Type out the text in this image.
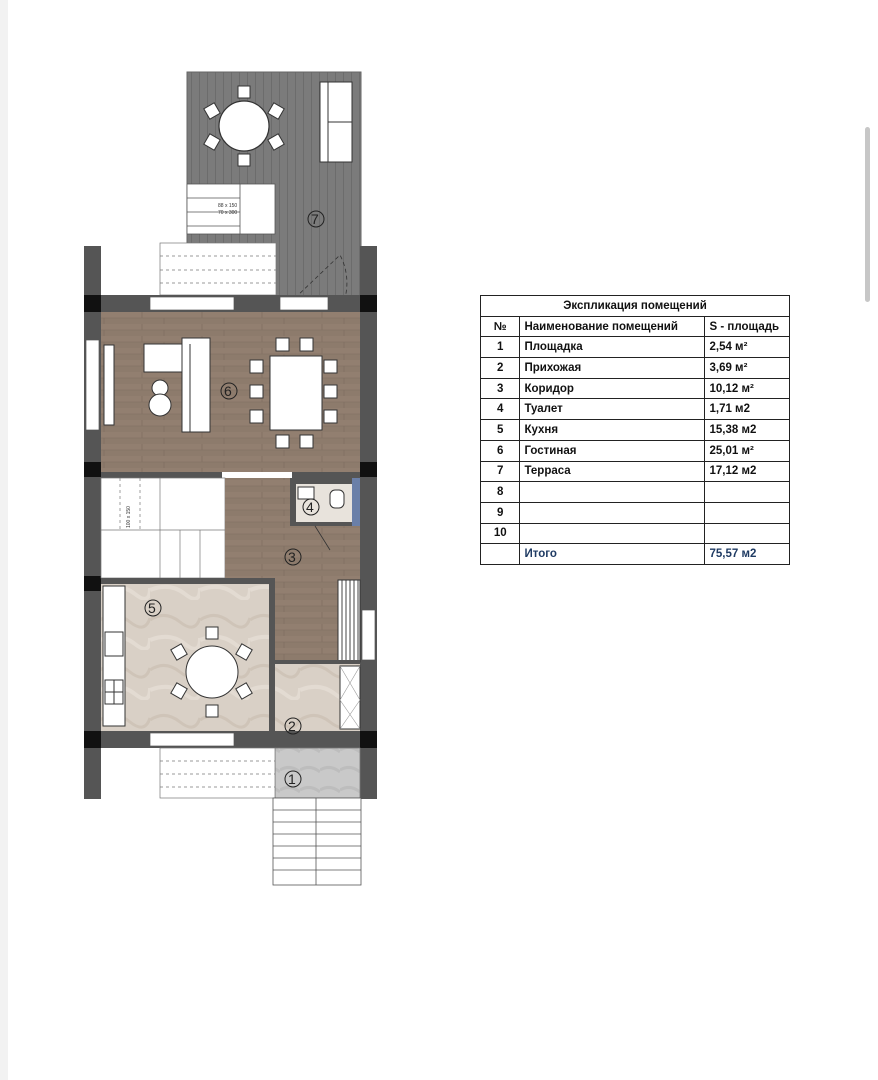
88 x 150
70 x 300	7
6
100 x 150
3
4
5
2
1
Экспликация помещений		
№	Наименование помещений	S - площадь
1	Площадка	2,54 м²
2	Прихожая	3,69 м²
3	Коридор	10,12 м²
4	Туалет	1,71 м2
5	Кухня	15,38 м2
6	Гостиная	25,01 м²
7	Терраса	17,12 м2
8		
9		
10		
	Итого	75,57 м2
